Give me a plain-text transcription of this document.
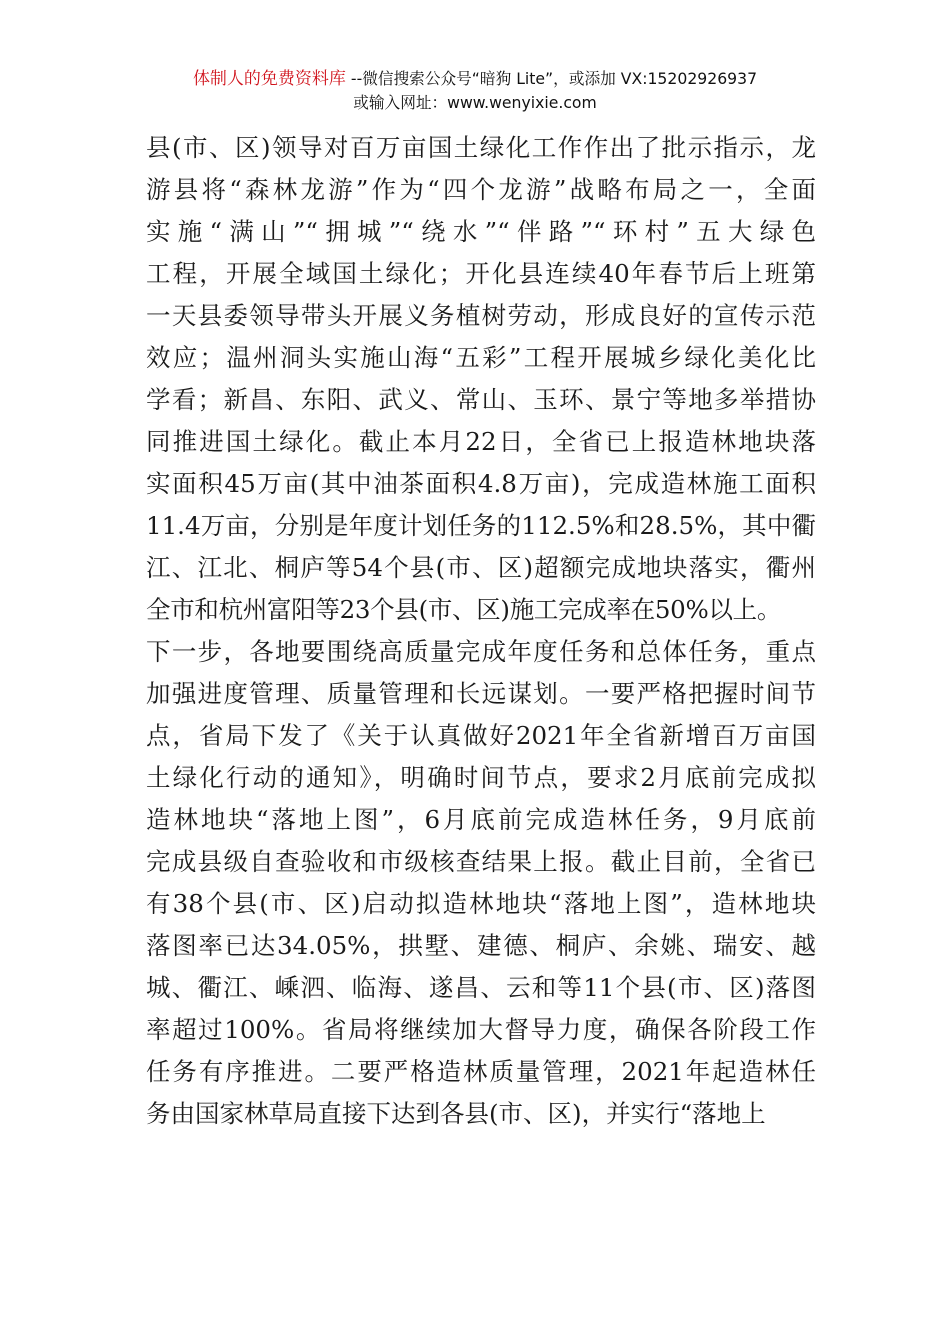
体制人的免费资料库 --微信搜索公众号“暗狗 Lite”，或添加 VX:15202926937
或输入网址：www.wenyixie.com
县(市、区)领导对百万亩国土绿化工作作出了批示指示，龙
游县将“森林龙游”作为“四个龙游”战略布局之一，全面
实施“满山”“拥城”“绕水”“伴路”“环村”五大绿色
工程，开展全域国土绿化；开化县连续40年春节后上班第
一天县委领导带头开展义务植树劳动，形成良好的宣传示范
效应；温州洞头实施山海“五彩”工程开展城乡绿化美化比
学看；新昌、东阳、武义、常山、玉环、景宁等地多举措协
同推进国土绿化。截止本月22日，全省已上报造林地块落
实面积45万亩(其中油茶面积4.8万亩)，完成造林施工面积
11.4万亩，分别是年度计划任务的112.5%和28.5%，其中衢
江、江北、桐庐等54个县(市、区)超额完成地块落实，衢州
全市和杭州富阳等23个县(市、区)施工完成率在50%以上。
下一步，各地要围绕高质量完成年度任务和总体任务，重点
加强进度管理、质量管理和长远谋划。一要严格把握时间节
点，省局下发了《关于认真做好2021年全省新增百万亩国
土绿化行动的通知》，明确时间节点，要求2月底前完成拟
造林地块“落地上图”，6月底前完成造林任务，9月底前
完成县级自查验收和市级核查结果上报。截止目前，全省已
有38个县(市、区)启动拟造林地块“落地上图”，造林地块
落图率已达34.05%，拱墅、建德、桐庐、余姚、瑞安、越
城、衢江、嵊泗、临海、遂昌、云和等11个县(市、区)落图
率超过100%。省局将继续加大督导力度，确保各阶段工作
任务有序推进。二要严格造林质量管理，2021年起造林任
务由国家林草局直接下达到各县(市、区)，并实行“落地上
